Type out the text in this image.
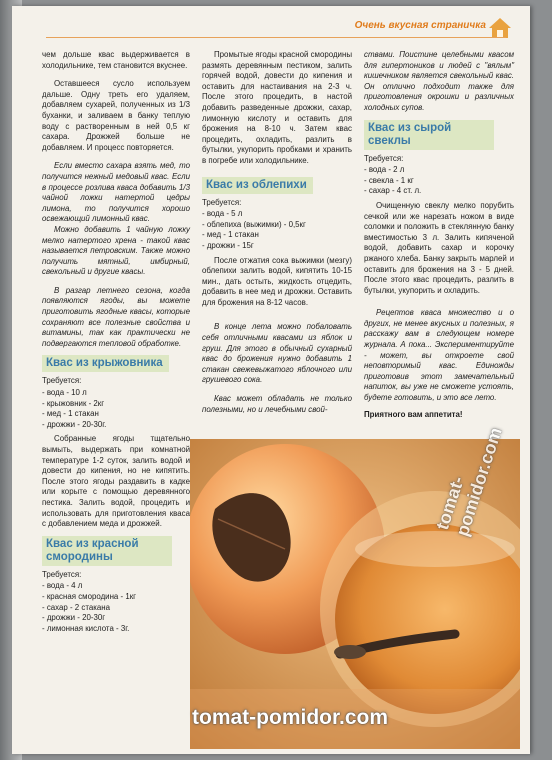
Очень вкусная страничка

чем дольше квас выдерживается в холодильнике, тем становится вкуснее.

Оставшееся сусло используем дальше. Одну треть его удаляем, добавляем сухарей, полученных из 1/3 буханки, и заливаем в банку теплую воду с растворенным в ней 0,5 кг сахара. Дрожжей больше не добавляем. И процесс повторяется.

Если вместо сахара взять мед, то получится нежный медовый квас. Если в процессе розлива кваса добавить 1/3 чайной ложки натертой цедры лимона, то получится хорошо освежающий лимонный квас.

Можно добавить 1 чайную ложку мелко натертого хрена - такой квас называется петровским. Также можно получить мятный, имбирный, свекольный и другие квасы.

В разгар летнего сезона, когда появляются ягоды, вы можете приготовить ягодные квасы, которые сохраняют все полезные свойства и витамины, так как практически не подвергаются тепловой обработке.

Квас из крыжовника
Требуется:
- вода - 10 л
- крыжовник - 2кг
- мед - 1 стакан
- дрожжи - 20-30г.

Собранные ягоды тщательно вымыть, выдержать при комнатной температуре 1-2 суток, залить водой и довести до кипения, но не кипятить. После этого ягоды раздавить в кадке или корыте с помощью деревянного пестика. Залить водой, процедить и использовать для приготовления кваса с добавлением меда и дрожжей.

Квас из красной смородины
Требуется:
- вода - 4 л
- красная смородина - 1кг
- сахар - 2 стакана
- дрожжи - 20-30г
- лимонная кислота - 3г.

Промытые ягоды красной смородины размять деревянным пестиком, залить горячей водой, довести до кипения и оставить для настаивания на 2-3 ч. После этого процедить, в настой добавить разведенные дрожжи, сахар, лимонную кислоту и оставить для брожения на 8-10 ч. Затем квас процедить, охладить, разлить в бутылки, укупорить пробками и хранить в погребе или холодильнике.

Квас из облепихи
Требуется:
- вода - 5 л
- облепиха (выжимки) - 0,5кг
- мед - 1 стакан
- дрожжи - 15г

После отжатия сока выжимки (мезгу) облепихи залить водой, кипятить 10-15 мин., дать остыть, жидкость отцедить, добавить в нее мед и дрожжи. Оставить для брожения на 8-12 часов.

В конце лета можно побаловать себя отличными квасами из яблок и груш. Для этого в обычный сухарный квас до брожения нужно добавить 1 стакан свежевыжатого яблочного или грушевого сока.

Квас может обладать не только полезными, но и лечебными свой-

ствами. Поистине целебными квасом для гипертоников и людей с "вялым" кишечником является свекольный квас. Он отлично подходит также для приготовления окрошки и различных холодных супов.

Квас из сырой свеклы
Требуется:
- вода - 2 л
- свекла - 1 кг
- сахар - 4 ст. л.

Очищенную свеклу мелко порубить сечкой или же нарезать ножом в виде соломки и положить в стеклянную банку вместимостью 3 л. Залить кипяченой водой, добавить сахар и корочку ржаного хлеба. Банку закрыть марлей и оставить для брожения на 3 - 5 дней. После этого квас процедить, разлить в бутылки, укупорить и охладить.

Рецептов кваса множество и о других, не менее вкусных и полезных, я расскажу вам в следующем номере журнала. А пока... Экспериментируйте - может, вы откроете свой неповторимый квас. Единожды приготовив этот замечательный напиток, вы уже не сможете устоять, будете готовить, и это все лето.

Приятного вам аппетита!

tomat-pomidor.com
tomat-pomidor.com
